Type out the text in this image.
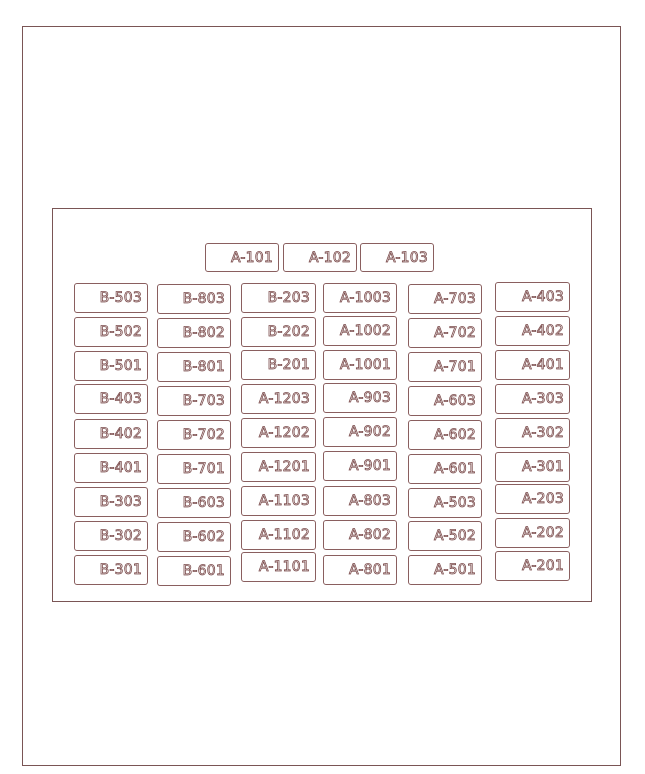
A-101	A-102	A-103
B-503
B-502
B-501
B-403
B-402
B-401
B-303
B-302
B-301
B-803
B-802
B-801
B-703
B-702
B-701
B-603
B-602
B-601
B-203
B-202
B-201
A-1203
A-1202
A-1201
A-1103
A-1102
A-1101
A-1003
A-1002
A-1001
A-903
A-902
A-901
A-803
A-802
A-801
A-703
A-702
A-701
A-603
A-602
A-601
A-503
A-502
A-501
A-403
A-402
A-401
A-303
A-302
A-301
A-203
A-202
A-201
